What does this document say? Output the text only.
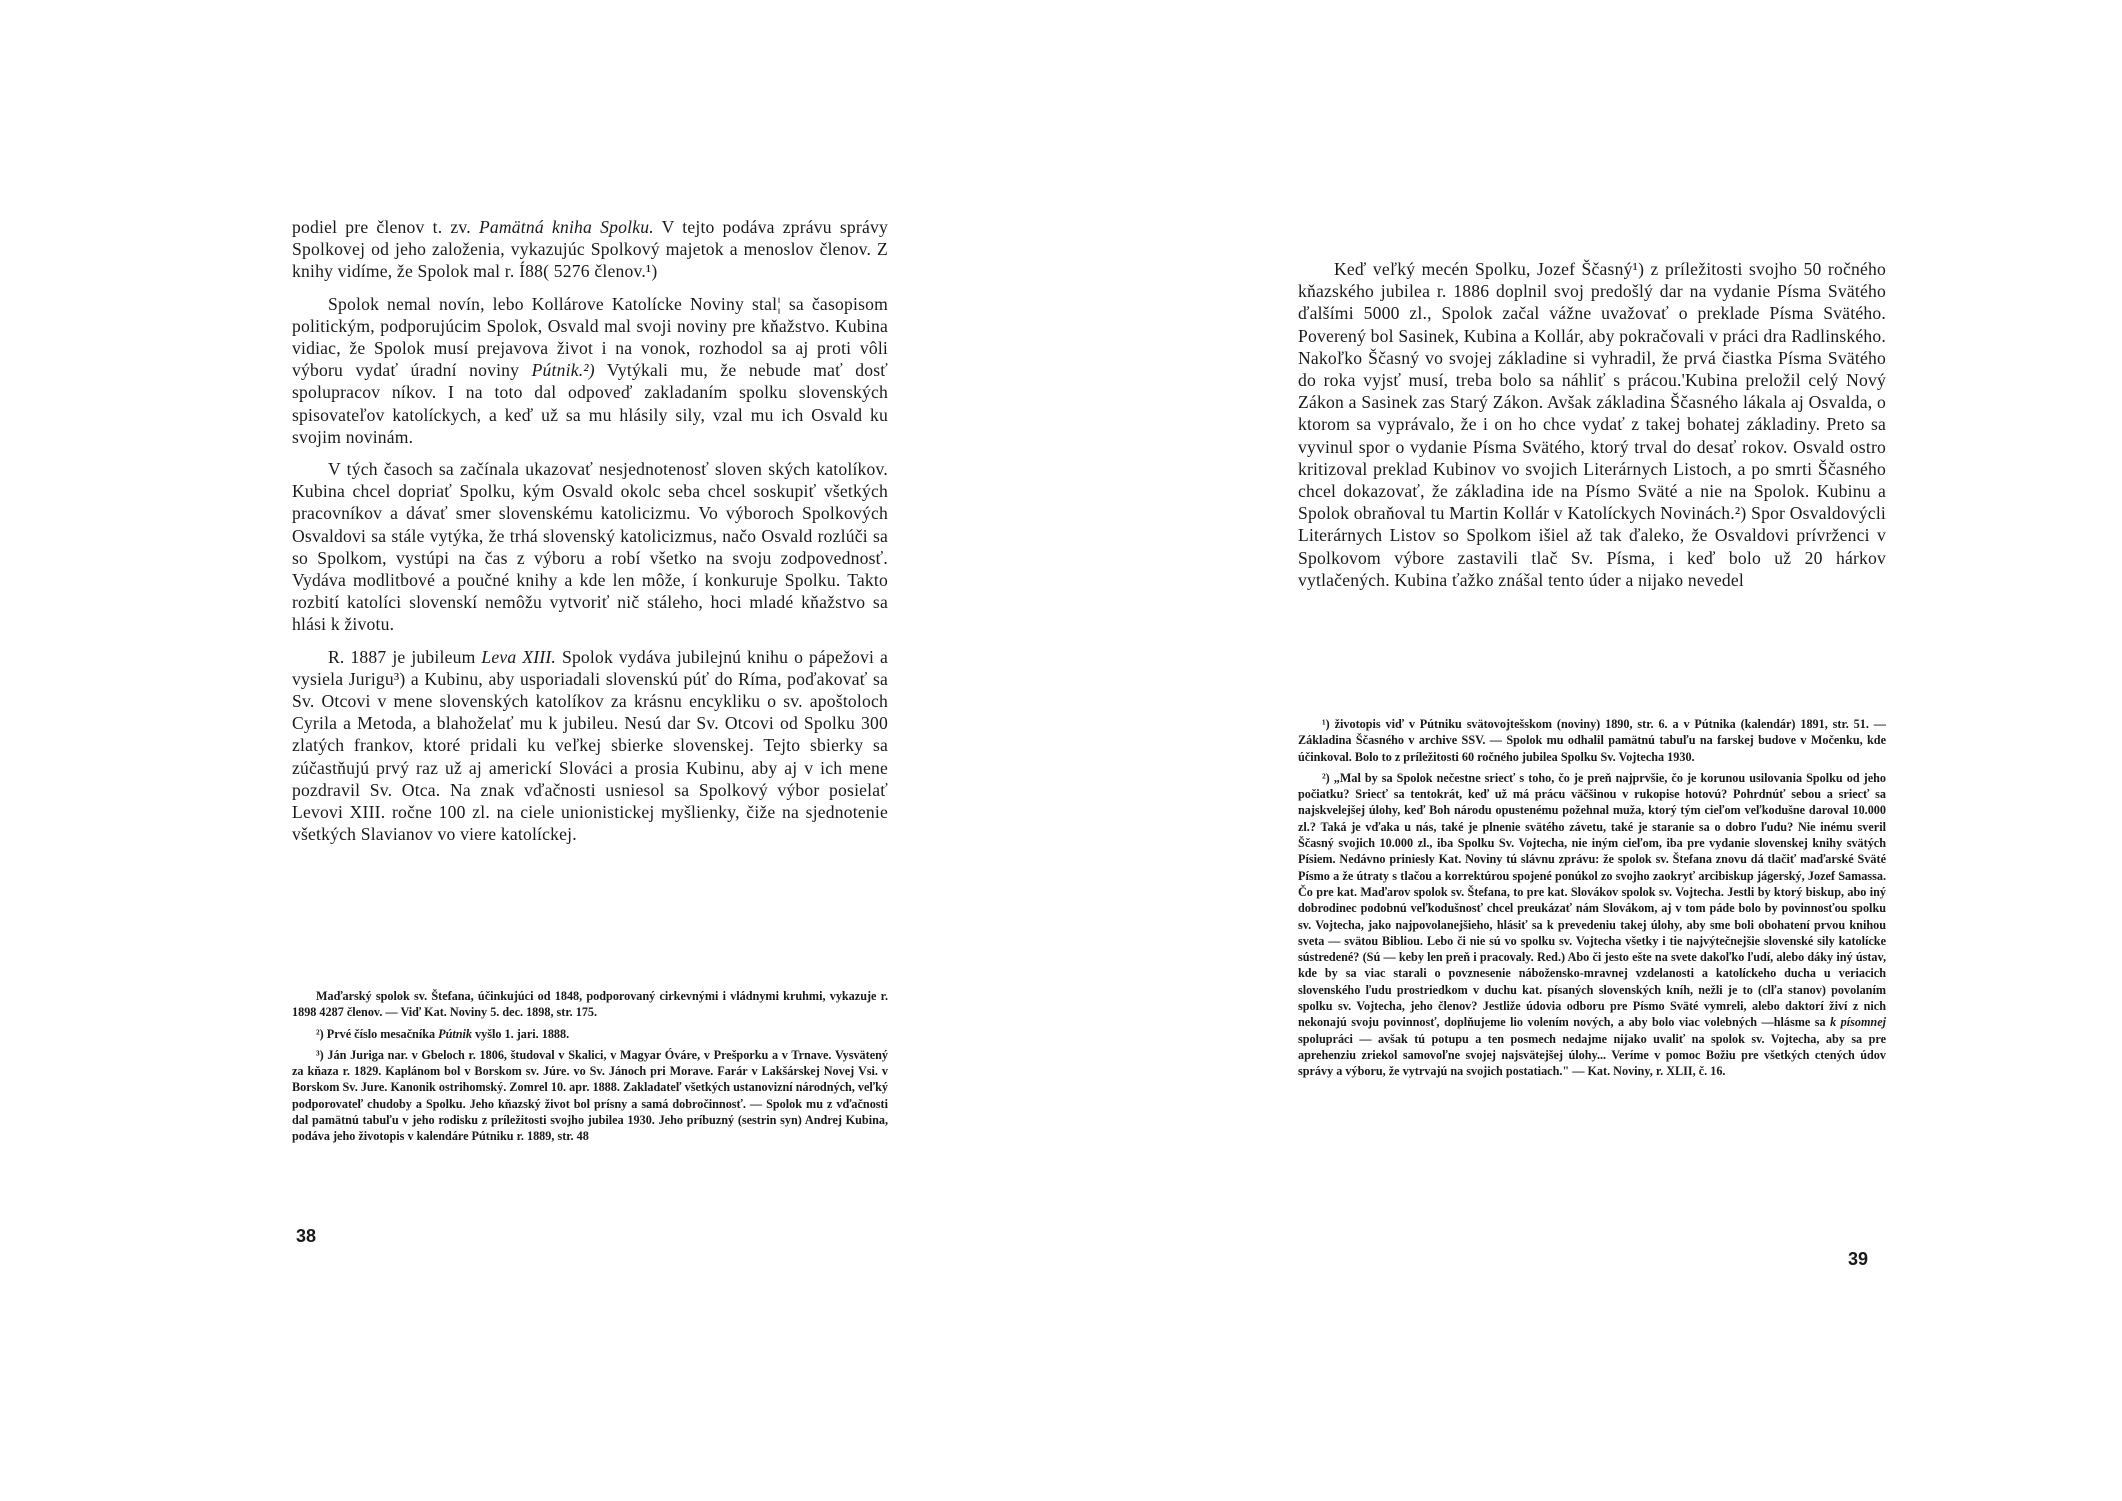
podiel pre členov t. zv. Pamätná kniha Spolku. V tejto podáva zprávu správy Spolkovej od jeho založenia, vykazujúc Spolkový majetok a menoslov členov. Z knihy vidíme, že Spolok mal r. Í88( 5276 členov.¹)

Spolok nemal novín, lebo Kollárove Katolícke Noviny stal¦ sa časopisom politickým, podporujúcim Spolok, Osvald mal svoji noviny pre kňažstvo. Kubina vidiac, že Spolok musí prejavova život i na vonok, rozhodol sa aj proti vôli výboru vydať úradní noviny Pútnik.²) Vytýkali mu, že nebude mať dosť spolupracov níkov. I na toto dal odpoveď zakladaním spolku slovenských spisovateľov katolíckych, a keď už sa mu hlásily sily, vzal mu ich Osvald ku svojim novinám.

V tých časoch sa začínala ukazovať nesjednotenosť sloven ských katolíkov. Kubina chcel dopriať Spolku, kým Osvald okolc seba chcel soskupiť všetkých pracovníkov a dávať smer slovenskému katolicizmu. Vo výboroch Spolkových Osvaldovi sa stále vytýka, že trhá slovenský katolicizmus, načo Osvald rozlúči sa so Spolkom, vystúpi na čas z výboru a robí všetko na svoju zodpovednosť. Vydáva modlitbové a poučné knihy a kde len môže, í konkuruje Spolku. Takto rozbití katolíci slovenskí nemôžu vytvoriť nič stáleho, hoci mladé kňažstvo sa hlási k životu.

R. 1887 je jubileum Leva XIII. Spolok vydáva jubilejnú knihu o pápežovi a vysiela Jurigu³) a Kubinu, aby usporiadali slovenskú púť do Ríma, poďakovať sa Sv. Otcovi v mene slovenských katolíkov za krásnu encykliku o sv. apoštoloch Cyrila a Metoda, a blahoželať mu k jubileu. Nesú dar Sv. Otcovi od Spolku 300 zlatých frankov, ktoré pridali ku veľkej sbierke slovenskej. Tejto sbierky sa zúčastňujú prvý raz už aj americkí Slováci a prosia Kubinu, aby aj v ich mene pozdravil Sv. Otca. Na znak vďačnosti usniesol sa Spolkový výbor posielať Levovi XIII. ročne 100 zl. na ciele unionistickej myšlienky, čiže na sjednotenie všetkých Slavianov vo viere katolíckej.

Maďarský spolok sv. Štefana, účinkujúci od 1848, podporovaný cirkevnými i vládnymi kruhmi, vykazuje r. 1898 4287 členov. — Viď Kat. Noviny 5. dec. 1898, str. 175.

²) Prvé číslo mesačníka Pútnik vyšlo 1. jari. 1888.

³) Ján Juriga nar. v Gbeloch r. 1806, študoval v Skalici, v Magyar Óváre, v Prešporku a v Trnave. Vysvätený za kňaza r. 1829. Kaplánom bol v Borskom sv. Júre. vo Sv. Jánoch pri Morave. Farár v Lakšárskej Novej Vsi. v Borskom Sv. Jure. Kanonik ostrihomský. Zomrel 10. apr. 1888. Zakladateľ všetkých ustanovizní národných, veľký podporovateľ chudoby a Spolku. Jeho kňazský život bol prísny a samá dobročinnosť. — Spolok mu z vďačnosti dal pamätnú tabuľu v jeho rodisku z príležitosti svojho jubilea 1930. Jeho príbuzný (sestrin syn) Andrej Kubina, podáva jeho životopis v kalendáre Pútniku r. 1889, str. 48

38

Keď veľký mecén Spolku, Jozef Ščasný¹) z príležitosti svojho 50 ročného kňazského jubilea r. 1886 doplnil svoj predošlý dar na vydanie Písma Svätého ďalšími 5000 zl., Spolok začal vážne uvažovať o preklade Písma Svätého. Poverený bol Sasinek, Kubina a Kollár, aby pokračovali v práci dra Radlinského. Nakoľko Ščasný vo svojej základine si vyhradil, že prvá čiastka Písma Svätého do roka vyjsť musí, treba bolo sa náhliť s prácou.'Kubina preložil celý Nový Zákon a Sasinek zas Starý Zákon. Avšak základina Ščasného lákala aj Osvalda, o ktorom sa vyprávalo, že i on ho chce vydať z takej bohatej základiny. Preto sa vyvinul spor o vydanie Písma Svätého, ktorý trval do desať rokov. Osvald ostro kritizoval preklad Kubinov vo svojich Literárnych Listoch, a po smrti Ščasného chcel dokazovať, že základina ide na Písmo Sväté a nie na Spolok. Kubinu a Spolok obraňoval tu Martin Kollár v Katolíckych Novinách.²) Spor Osvaldovýcli Literárnych Listov so Spolkom išiel až tak ďaleko, že Osvaldovi prívrženci v Spolkovom výbore zastavili tlač Sv. Písma, i keď bolo už 20 hárkov vytlačených. Kubina ťažko znášal tento úder a nijako nevedel

¹) životopis viď v Pútniku svätovojtešskom (noviny) 1890, str. 6. a v Pútnika (kalendár) 1891, str. 51. — Základina Ščasného v archive SSV. — Spolok mu odhalil pamätnú tabuľu na farskej budove v Močenku, kde účinkoval. Bolo to z príležitosti 60 ročného jubilea Spolku Sv. Vojtecha 1930.

²) „Mal by sa Spolok nečestne sriecť s toho, čo je preň najprvšie, čo je korunou usilovania Spolku od jeho počiatku? Sriecť sa tentokrát, keď už má prácu väčšinou v rukopise hotovú? Pohrdnúť sebou a sriecť sa najskvelejšej úlohy, keď Boh národu opustenému požehnal muža, ktorý tým cieľom veľkodušne daroval 10.000 zl.? Taká je vďaka u nás, také je plnenie svätého závetu, také je staranie sa o dobro ľudu? Nie inému sveril Ščasný svojich 10.000 zl., iba Spolku Sv. Vojtecha, nie iným cieľom, iba pre vydanie slovenskej knihy svätých Písiem. Nedávno priniesly Kat. Noviny tú slávnu zprávu: že spolok sv. Štefana znovu dá tlačiť maďarské Sväté Písmo a že útraty s tlačou a korrektúrou spojené ponúkol zo svojho zaokryť arcibiskup jágerský, Jozef Samassa. Čo pre kat. Maďarov spolok sv. Štefana, to pre kat. Slovákov spolok sv. Vojtecha. Jestli by ktorý biskup, abo iný dobrodinec podobnú veľkodušnosť chcel preukázať nám Slovákom, aj v tom páde bolo by povinnosťou spolku sv. Vojtecha, jako najpovolanejšieho, hlásiť sa k prevedeniu takej úlohy, aby sme boli obohatení prvou knihou sveta — svätou Bibliou. Lebo či nie sú vo spolku sv. Vojtecha všetky i tie najvýtečnejšie slovenské sily katolícke sústredené? (Sú — keby len preň i pracovaly. Red.) Abo či jesto ešte na svete dakoľko ľudí, alebo dáky iný ústav, kde by sa viac starali o povznesenie nábožensko-mravnej vzdelanosti a katolíckeho ducha u veriacich slovenského ľudu prostriedkom v duchu kat. písaných slovenských kníh, nežli je to (clľa stanov) povolaním spolku sv. Vojtecha, jeho členov? Jestliže údovia odboru pre Písmo Sväté vymreli, alebo daktorí živí z nich nekonajú svoju povinnosť, doplňujeme lio volením nových, a aby bolo viac volebných —hlásme sa k písomnej spolupráci — avšak tú potupu a ten posmech nedajme nijako uvaliť na spolok sv. Vojtecha, aby sa pre aprehenziu zriekol samovoľne svojej najsvätejšej úlohy... Veríme v pomoc Božiu pre všetkých ctených údov správy a výboru, že vytrvajú na svojich postatiach." — Kat. Noviny, r. XLII, č. 16.

39
